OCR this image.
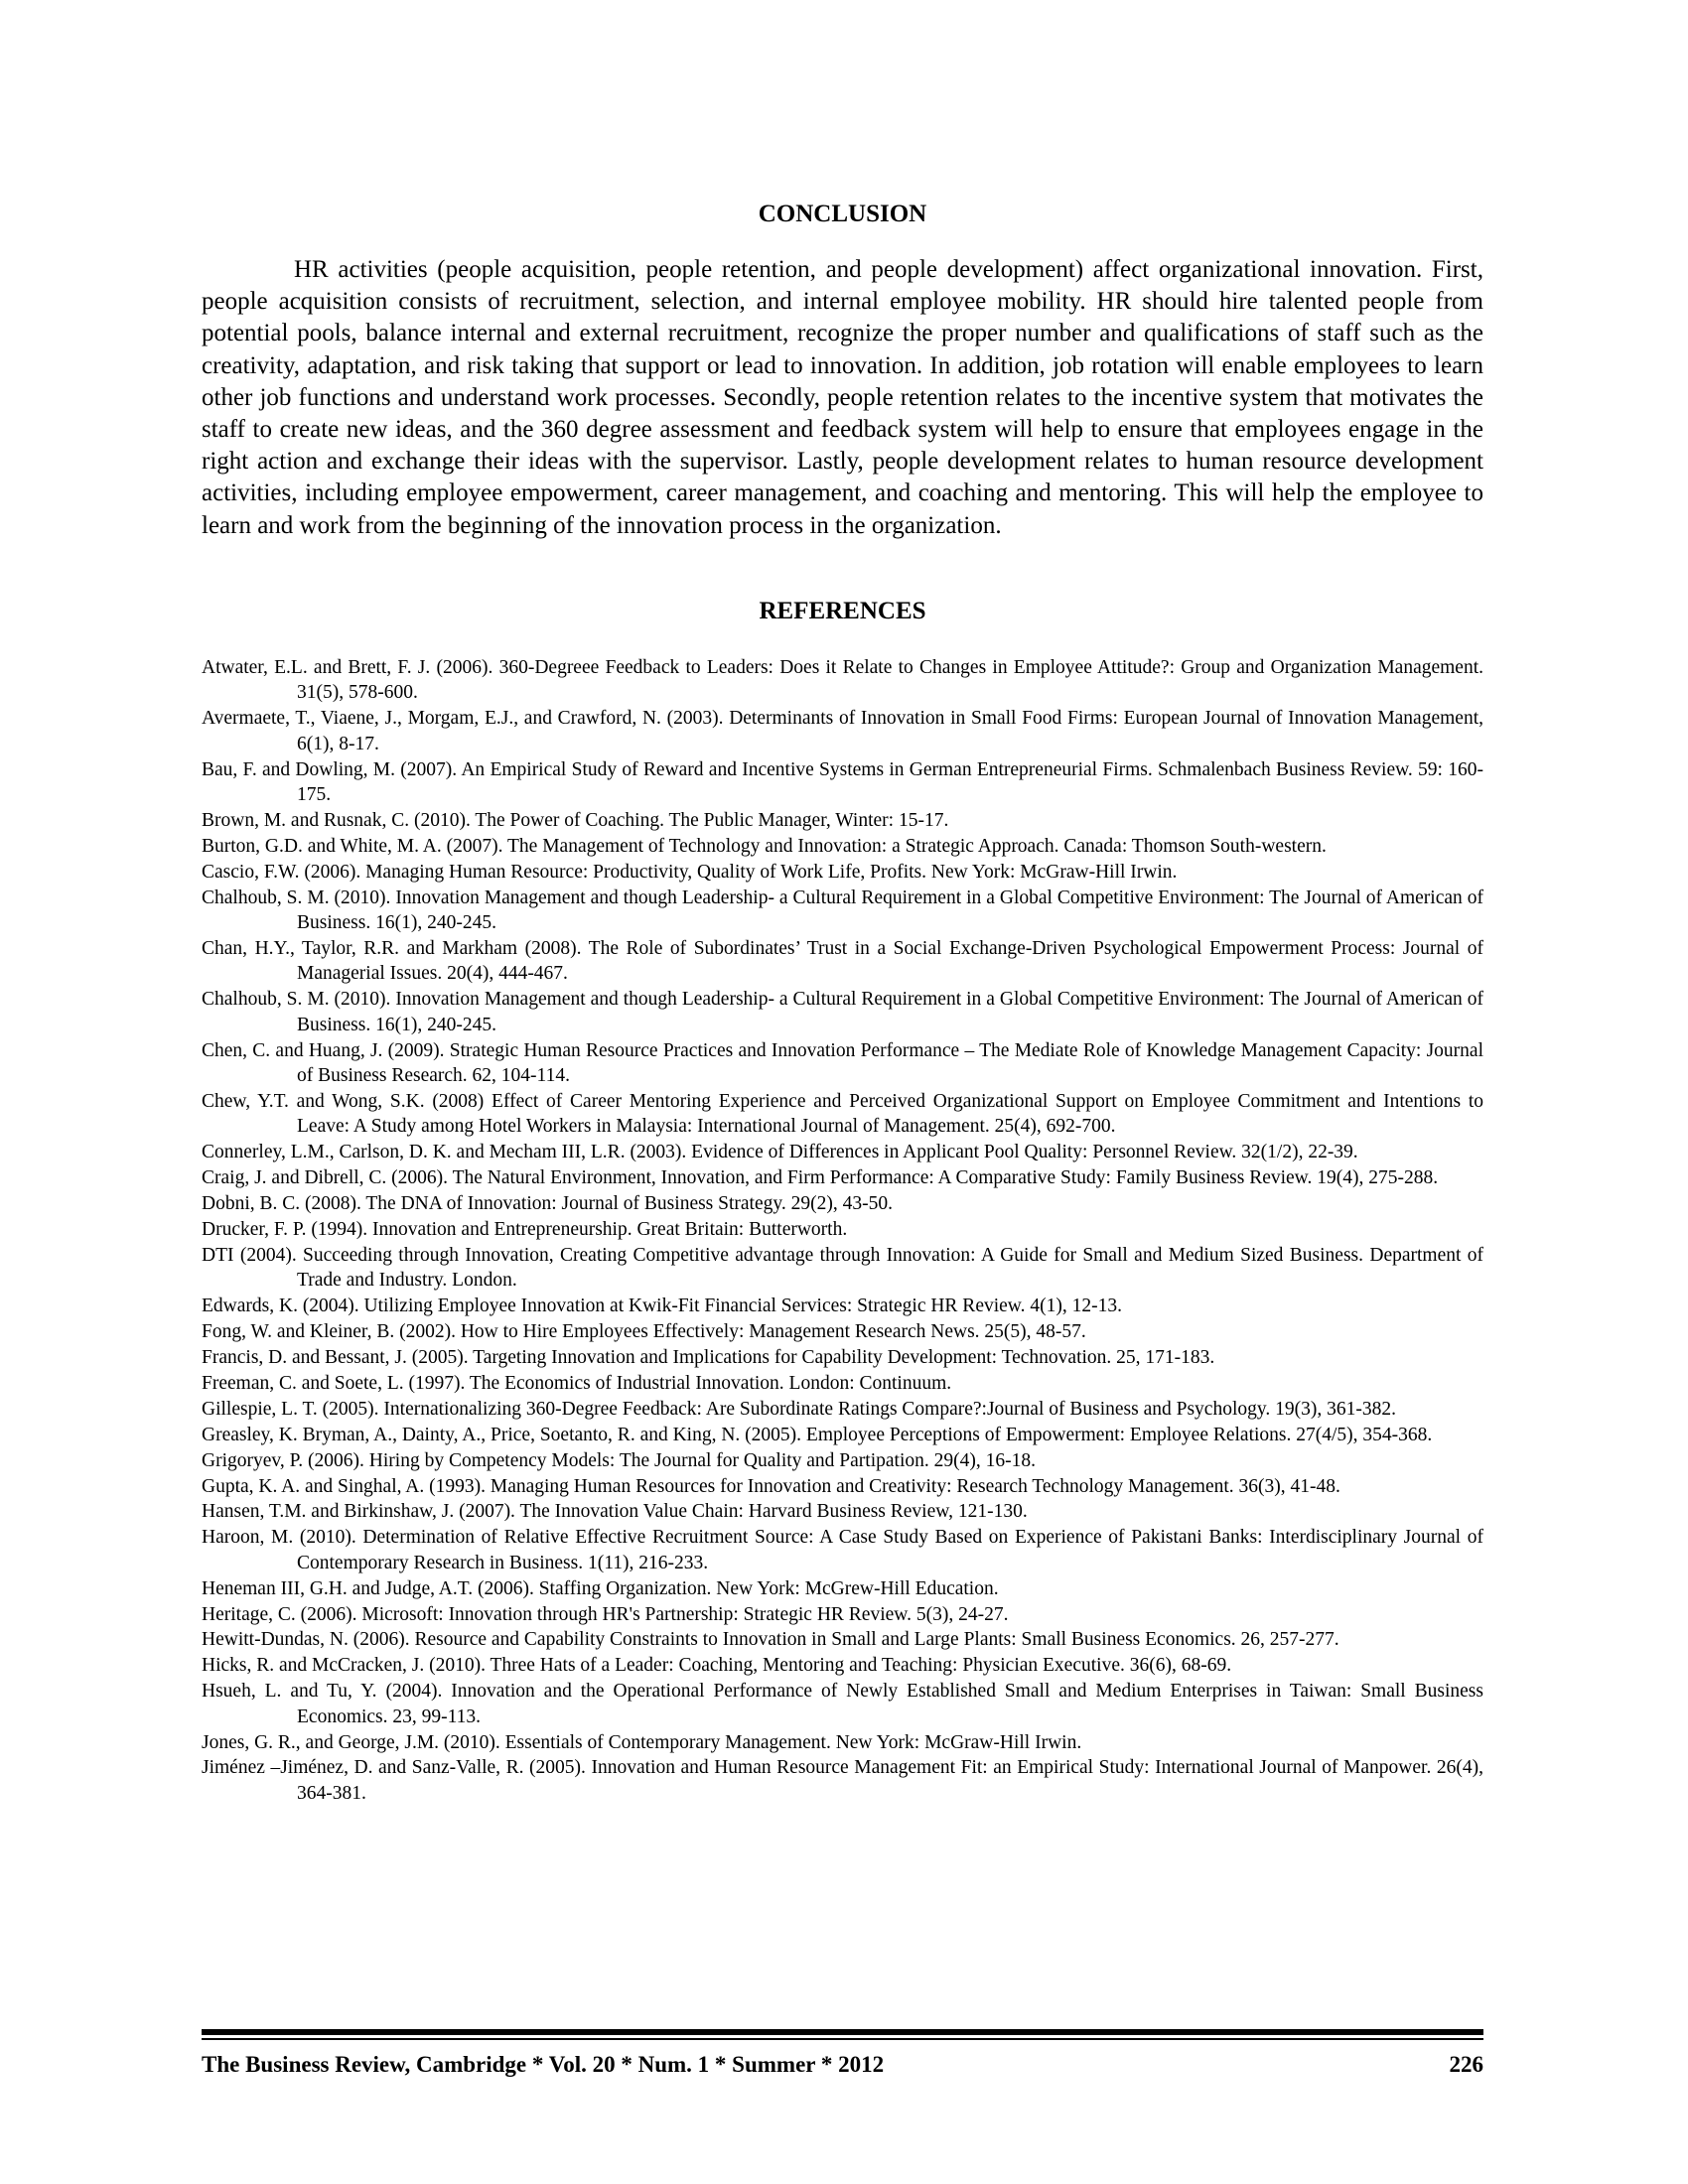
CONCLUSION

HR activities (people acquisition, people retention, and people development) affect organizational innovation. First, people acquisition consists of recruitment, selection, and internal employee mobility. HR should hire talented people from potential pools, balance internal and external recruitment, recognize the proper number and qualifications of staff such as the creativity, adaptation, and risk taking that support or lead to innovation. In addition, job rotation will enable employees to learn other job functions and understand work processes. Secondly, people retention relates to the incentive system that motivates the staff to create new ideas, and the 360 degree assessment and feedback system will help to ensure that employees engage in the right action and exchange their ideas with the supervisor. Lastly, people development relates to human resource development activities, including employee empowerment, career management, and coaching and mentoring. This will help the employee to learn and work from the beginning of the innovation process in the organization.

REFERENCES
Atwater, E.L. and Brett, F. J. (2006). 360-Degreee Feedback to Leaders: Does it Relate to Changes in Employee Attitude?: Group and Organization Management. 31(5), 578-600.
Avermaete, T., Viaene, J., Morgam, E.J., and Crawford, N. (2003). Determinants of Innovation in Small Food Firms: European Journal of Innovation Management, 6(1), 8-17.
Bau, F. and Dowling, M. (2007). An Empirical Study of Reward and Incentive Systems in German Entrepreneurial Firms. Schmalenbach Business Review. 59: 160-175.
Brown, M. and Rusnak, C. (2010). The Power of Coaching. The Public Manager, Winter: 15-17.
Burton, G.D. and White, M. A. (2007). The Management of Technology and Innovation: a Strategic Approach. Canada: Thomson South-western.
Cascio, F.W. (2006). Managing Human Resource: Productivity, Quality of Work Life, Profits. New York: McGraw-Hill Irwin.
Chalhoub, S. M. (2010). Innovation Management and though Leadership- a Cultural Requirement in a Global Competitive Environment: The Journal of American of Business. 16(1), 240-245.
Chan, H.Y., Taylor, R.R. and Markham (2008). The Role of Subordinates’ Trust in a Social Exchange-Driven Psychological Empowerment Process: Journal of Managerial Issues. 20(4), 444-467.
Chalhoub, S. M. (2010). Innovation Management and though Leadership- a Cultural Requirement in a Global Competitive Environment: The Journal of American of Business. 16(1), 240-245.
Chen, C. and Huang, J. (2009). Strategic Human Resource Practices and Innovation Performance – The Mediate Role of Knowledge Management Capacity: Journal of Business Research. 62, 104-114.
Chew, Y.T. and Wong, S.K. (2008) Effect of Career Mentoring Experience and Perceived Organizational Support on Employee Commitment and Intentions to Leave: A Study among Hotel Workers in Malaysia: International Journal of Management. 25(4), 692-700.
Connerley, L.M., Carlson, D. K. and Mecham III, L.R. (2003). Evidence of Differences in Applicant Pool Quality: Personnel Review. 32(1/2), 22-39.
Craig, J. and Dibrell, C. (2006). The Natural Environment, Innovation, and Firm Performance: A Comparative Study: Family Business Review. 19(4), 275-288.
Dobni, B. C. (2008). The DNA of Innovation: Journal of Business Strategy. 29(2), 43-50.
Drucker, F. P. (1994). Innovation and Entrepreneurship. Great Britain: Butterworth.
DTI (2004). Succeeding through Innovation, Creating Competitive advantage through Innovation: A Guide for Small and Medium Sized Business. Department of Trade and Industry. London.
Edwards, K. (2004). Utilizing Employee Innovation at Kwik-Fit Financial Services: Strategic HR Review. 4(1), 12-13.
Fong, W. and Kleiner, B. (2002). How to Hire Employees Effectively: Management Research News. 25(5), 48-57.
Francis, D. and Bessant, J. (2005). Targeting Innovation and Implications for Capability Development: Technovation. 25, 171-183.
Freeman, C. and Soete, L. (1997). The Economics of Industrial Innovation. London: Continuum.
Gillespie, L. T. (2005). Internationalizing 360-Degree Feedback: Are Subordinate Ratings Compare?:Journal of Business and Psychology. 19(3), 361-382.
Greasley, K. Bryman, A., Dainty, A., Price, Soetanto, R. and King, N. (2005). Employee Perceptions of Empowerment: Employee Relations. 27(4/5), 354-368.
Grigoryev, P. (2006). Hiring by Competency Models: The Journal for Quality and Partipation. 29(4), 16-18.
Gupta, K. A. and Singhal, A. (1993). Managing Human Resources for Innovation and Creativity: Research Technology Management. 36(3), 41-48.
Hansen, T.M. and Birkinshaw, J. (2007). The Innovation Value Chain: Harvard Business Review, 121-130.
Haroon, M. (2010). Determination of Relative Effective Recruitment Source: A Case Study Based on Experience of Pakistani Banks: Interdisciplinary Journal of Contemporary Research in Business. 1(11), 216-233.
Heneman III, G.H. and Judge, A.T. (2006). Staffing Organization. New York: McGrew-Hill Education.
Heritage, C. (2006). Microsoft: Innovation through HR's Partnership: Strategic HR Review. 5(3), 24-27.
Hewitt-Dundas, N. (2006). Resource and Capability Constraints to Innovation in Small and Large Plants: Small Business Economics. 26, 257-277.
Hicks, R. and McCracken, J. (2010). Three Hats of a Leader: Coaching, Mentoring and Teaching: Physician Executive. 36(6), 68-69.
Hsueh, L. and Tu, Y. (2004). Innovation and the Operational Performance of Newly Established Small and Medium Enterprises in Taiwan: Small Business Economics. 23, 99-113.
Jones, G. R., and George, J.M. (2010). Essentials of Contemporary Management. New York: McGraw-Hill Irwin.
Jiménez –Jiménez, D. and Sanz-Valle, R. (2005). Innovation and Human Resource Management Fit: an Empirical Study: International Journal of Manpower. 26(4), 364-381.
The Business Review, Cambridge * Vol. 20 * Num. 1 * Summer * 2012	226
